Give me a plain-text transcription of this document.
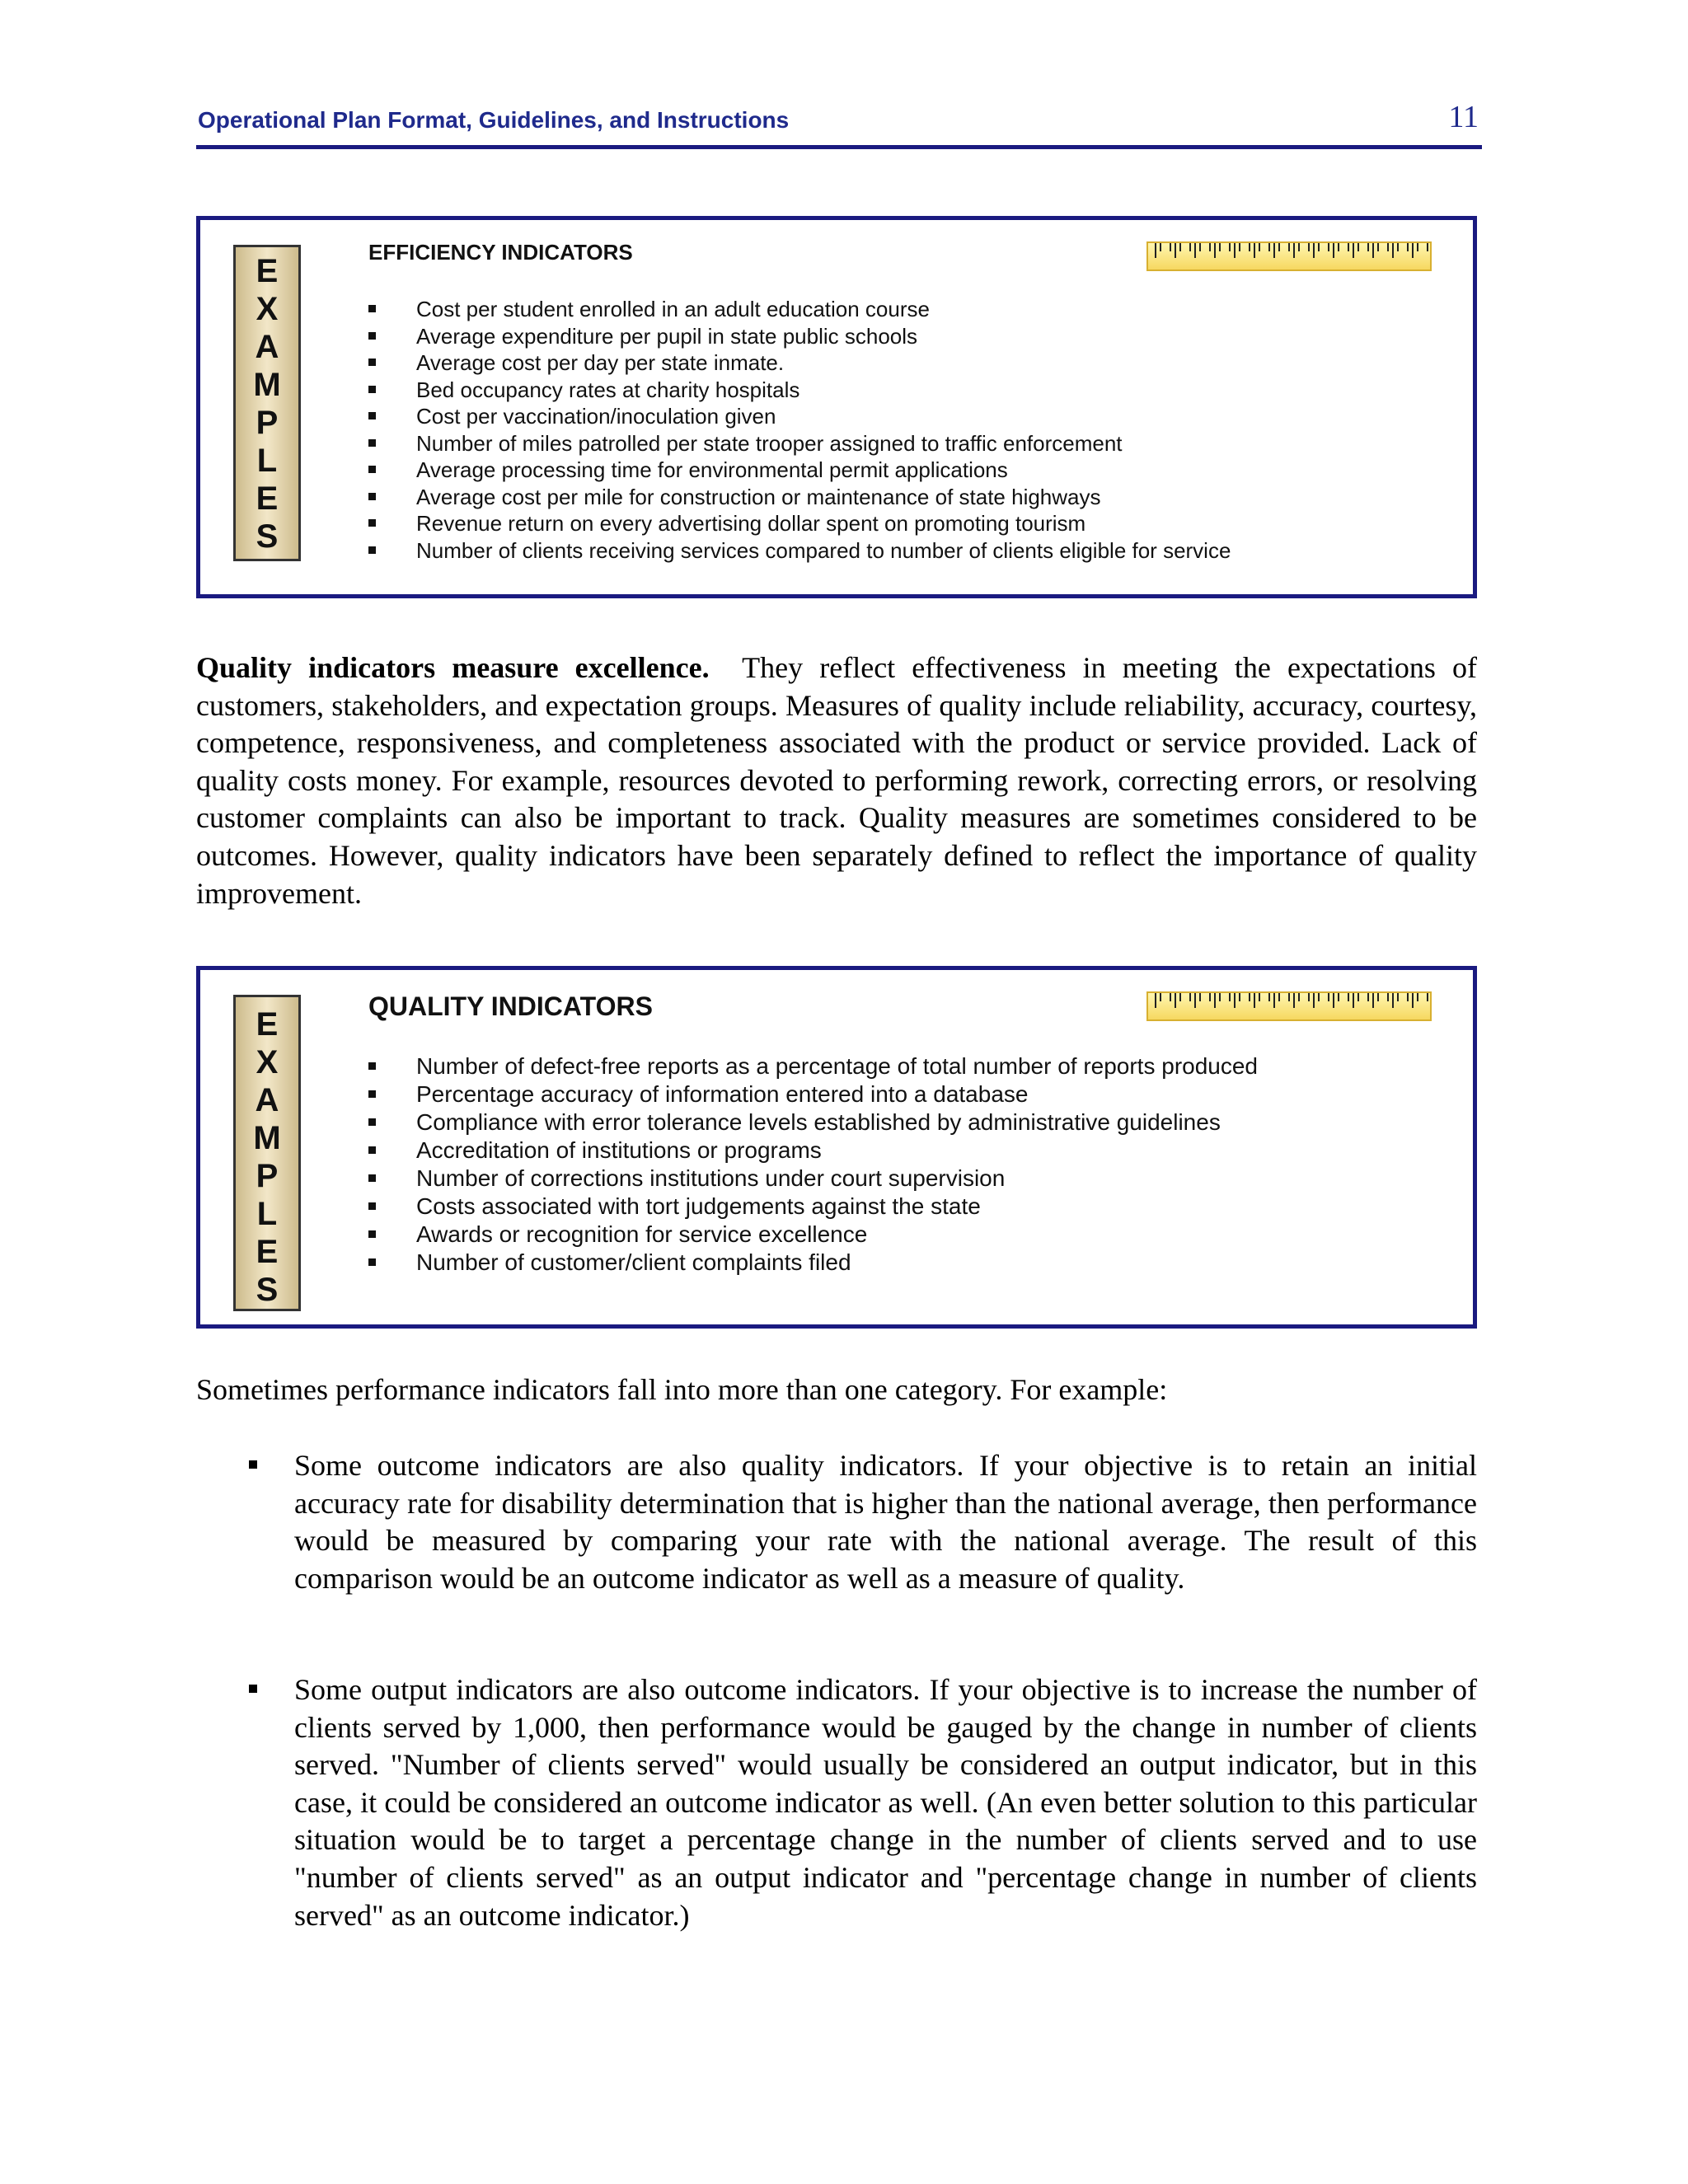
Operational Plan Format, Guidelines, and Instructions	11
E
X
A
M
P
L
E
S
EFFICIENCY INDICATORS
Cost per student enrolled in an adult education course
Average expenditure per pupil in state public schools
Average cost per day per state inmate.
Bed occupancy rates at charity hospitals
Cost per vaccination/inoculation given
Number of miles patrolled per state trooper assigned to traffic enforcement
Average processing time for environmental permit applications
Average cost per mile for construction or maintenance of state highways
Revenue return on every advertising dollar spent on promoting tourism
Number of clients receiving services compared to number of clients eligible for service

Quality indicators measure excellence. They reflect effectiveness in meeting the expectations of customers, stakeholders, and expectation groups. Measures of quality include reliability, accuracy, courtesy, competence, responsiveness, and completeness associated with the product or service provided. Lack of quality costs money. For example, resources devoted to performing rework, correcting errors, or resolving customer complaints can also be important to track. Quality measures are sometimes considered to be outcomes. However, quality indicators have been separately defined to reflect the importance of quality improvement.

E
X
A
M
P
L
E
S
QUALITY INDICATORS
Number of defect-free reports as a percentage of total number of reports produced
Percentage accuracy of information entered into a database
Compliance with error tolerance levels established by administrative guidelines
Accreditation of institutions or programs
Number of corrections institutions under court supervision
Costs associated with tort judgements against the state
Awards or recognition for service excellence
Number of customer/client complaints filed

Sometimes performance indicators fall into more than one category. For example:

Some outcome indicators are also quality indicators. If your objective is to retain an initial accuracy rate for disability determination that is higher than the national average, then performance would be measured by comparing your rate with the national average. The result of this comparison would be an outcome indicator as well as a measure of quality.
Some output indicators are also outcome indicators. If your objective is to increase the number of clients served by 1,000, then performance would be gauged by the change in number of clients served. "Number of clients served" would usually be considered an output indicator, but in this case, it could be considered an outcome indicator as well. (An even better solution to this particular situation would be to target a percentage change in the number of clients served and to use "number of clients served" as an output indicator and "percentage change in number of clients served" as an outcome indicator.)
